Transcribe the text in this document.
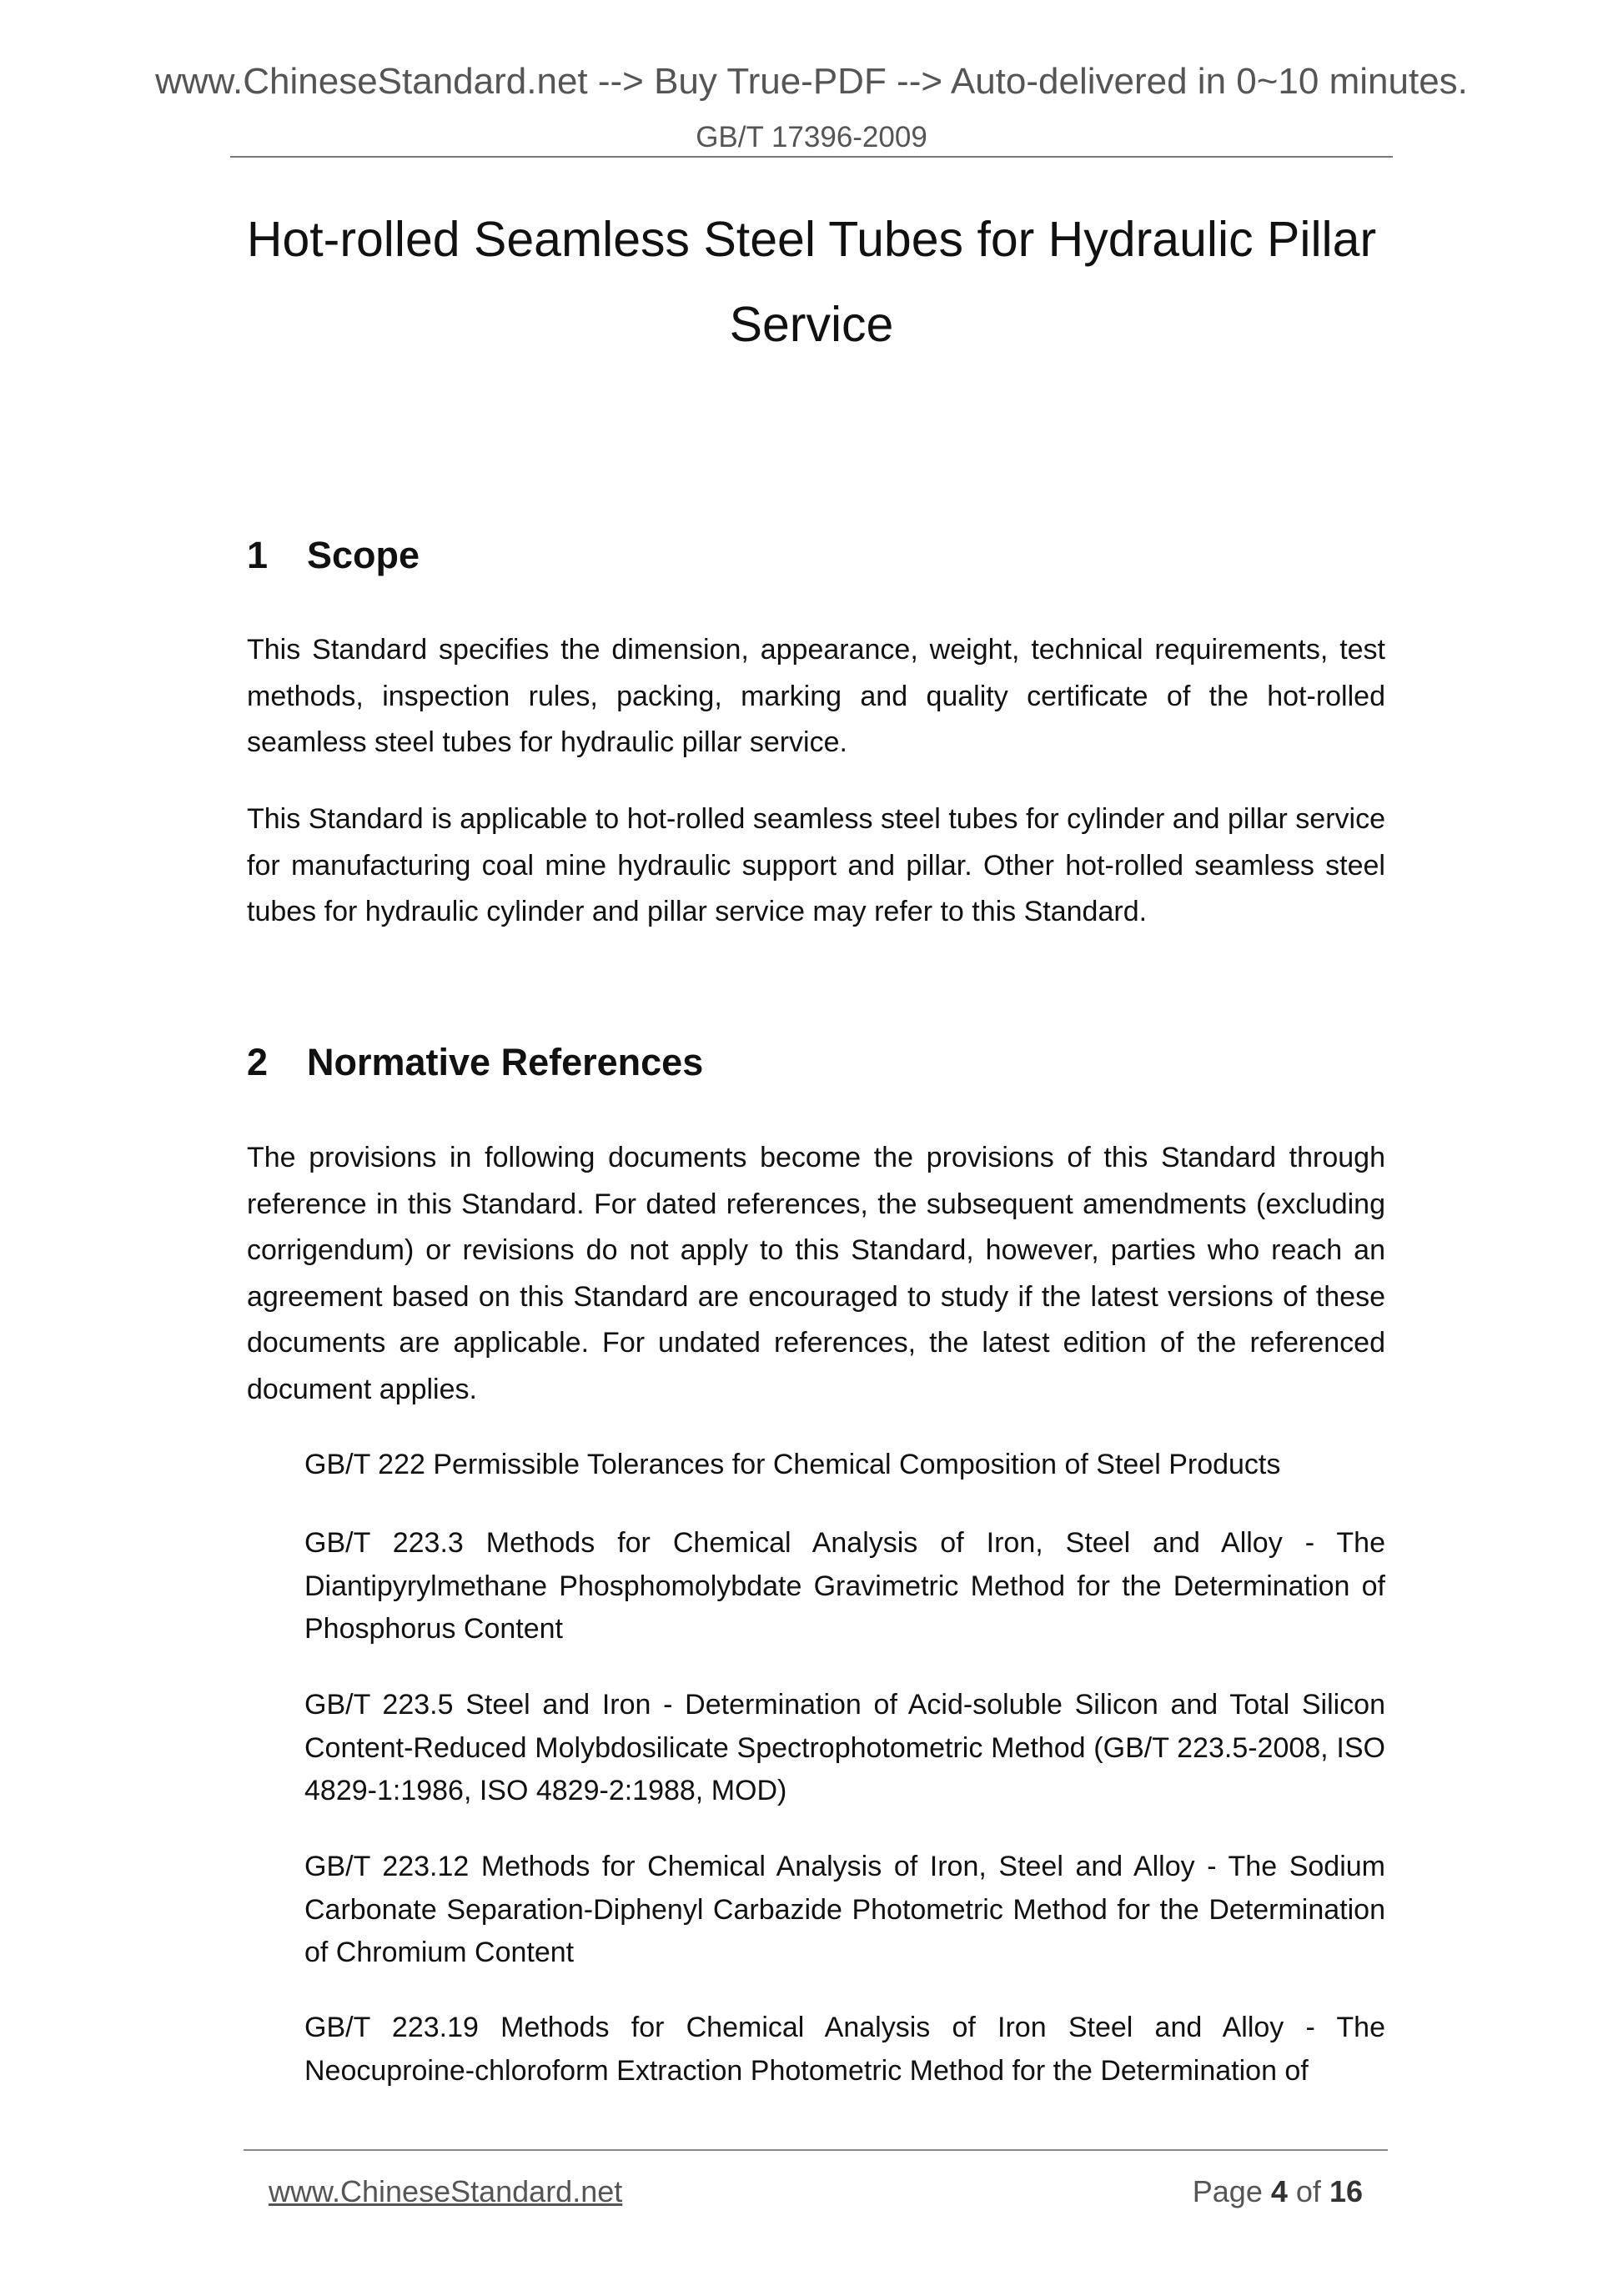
www.ChineseStandard.net --> Buy True-PDF --> Auto-delivered in 0~10 minutes.
GB/T 17396-2009
Hot-rolled Seamless Steel Tubes for Hydraulic Pillar Service
1 Scope

This Standard specifies the dimension, appearance, weight, technical requirements, test methods, inspection rules, packing, marking and quality certificate of the hot-rolled seamless steel tubes for hydraulic pillar service.

This Standard is applicable to hot-rolled seamless steel tubes for cylinder and pillar service for manufacturing coal mine hydraulic support and pillar. Other hot-rolled seamless steel tubes for hydraulic cylinder and pillar service may refer to this Standard.

2 Normative References

The provisions in following documents become the provisions of this Standard through reference in this Standard. For dated references, the subsequent amendments (excluding corrigendum) or revisions do not apply to this Standard, however, parties who reach an agreement based on this Standard are encouraged to study if the latest versions of these documents are applicable. For undated references, the latest edition of the referenced document applies.

GB/T 222 Permissible Tolerances for Chemical Composition of Steel Products

GB/T 223.3 Methods for Chemical Analysis of Iron, Steel and Alloy - The Diantipyrylmethane Phosphomolybdate Gravimetric Method for the Determination of Phosphorus Content

GB/T 223.5 Steel and Iron - Determination of Acid-soluble Silicon and Total Silicon Content-Reduced Molybdosilicate Spectrophotometric Method (GB/T 223.5-2008, ISO 4829-1:1986, ISO 4829-2:1988, MOD)

GB/T 223.12 Methods for Chemical Analysis of Iron, Steel and Alloy - The Sodium Carbonate Separation-Diphenyl Carbazide Photometric Method for the Determination of Chromium Content

GB/T 223.19 Methods for Chemical Analysis of Iron Steel and Alloy - The Neocuproine-chloroform Extraction Photometric Method for the Determination of

www.ChineseStandard.net	Page 4 of 16
